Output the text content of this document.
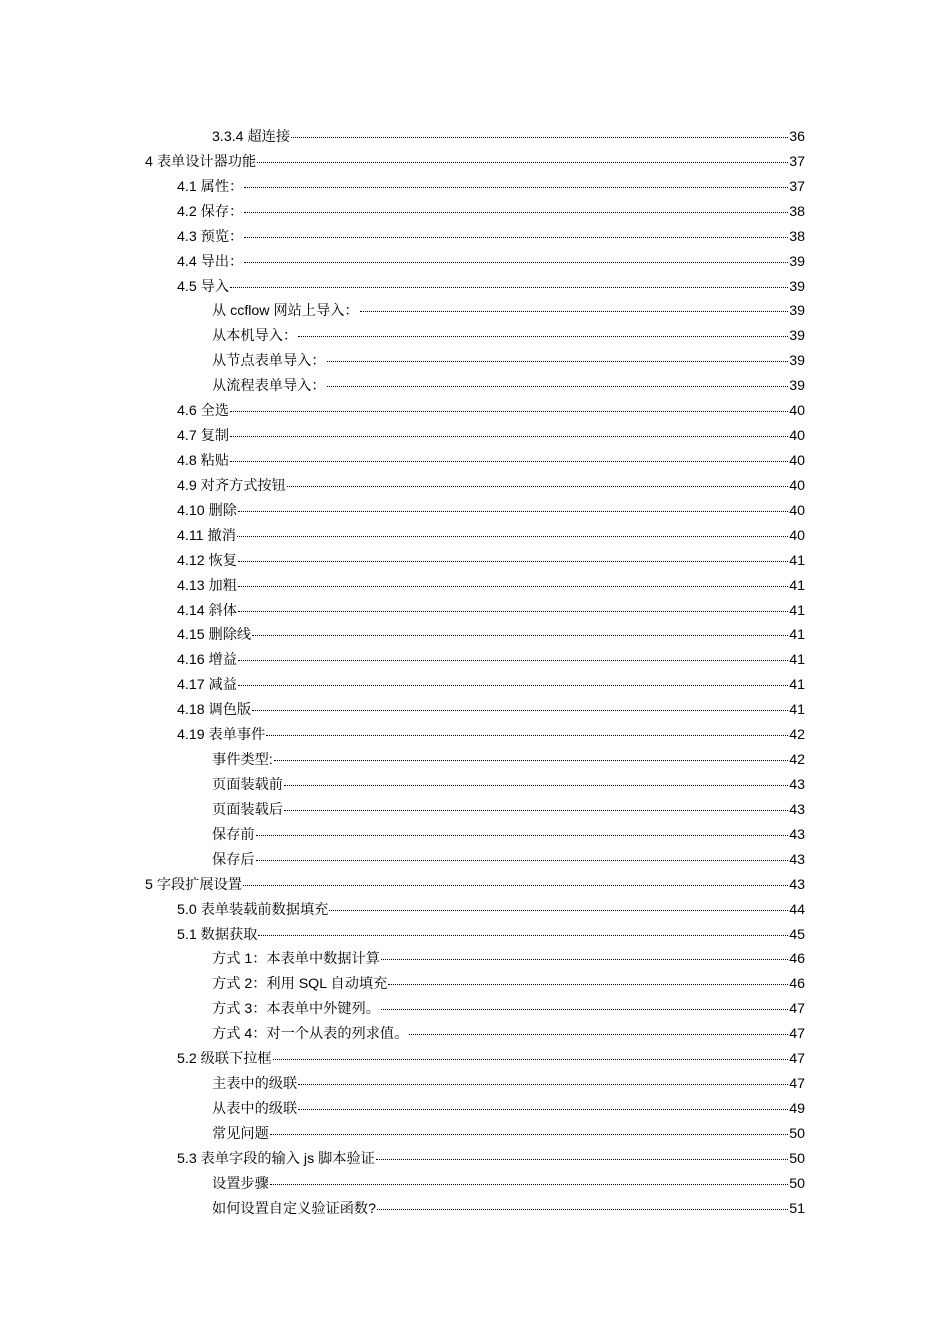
3.3.4 超连接	36
4 表单设计器功能	37
4.1 属性：	37
4.2 保存：	38
4.3 预览：	38
4.4 导出：	39
4.5 导入	39
从 ccflow 网站上导入：	39
从本机导入：	39
从节点表单导入：	39
从流程表单导入：	39
4.6 全选	40
4.7 复制	40
4.8 粘贴	40
4.9 对齐方式按钮	40
4.10 删除	40
4.11 撤消	40
4.12 恢复	41
4.13 加粗	41
4.14 斜体	41
4.15 删除线	41
4.16 增益	41
4.17 减益	41
4.18 调色版	41
4.19 表单事件	42
事件类型:	42
页面装载前	43
页面装载后	43
保存前	43
保存后	43
5 字段扩展设置	43
5.0 表单装载前数据填充	44
5.1 数据获取	45
方式 1：本表单中数据计算	46
方式 2：利用 SQL 自动填充	46
方式 3：本表单中外键列。	47
方式 4：对一个从表的列求值。	47
5.2 级联下拉框	47
主表中的级联	47
从表中的级联	49
常见问题	50
5.3 表单字段的输入 js 脚本验证	50
设置步骤	50
如何设置自定义验证函数?	51
